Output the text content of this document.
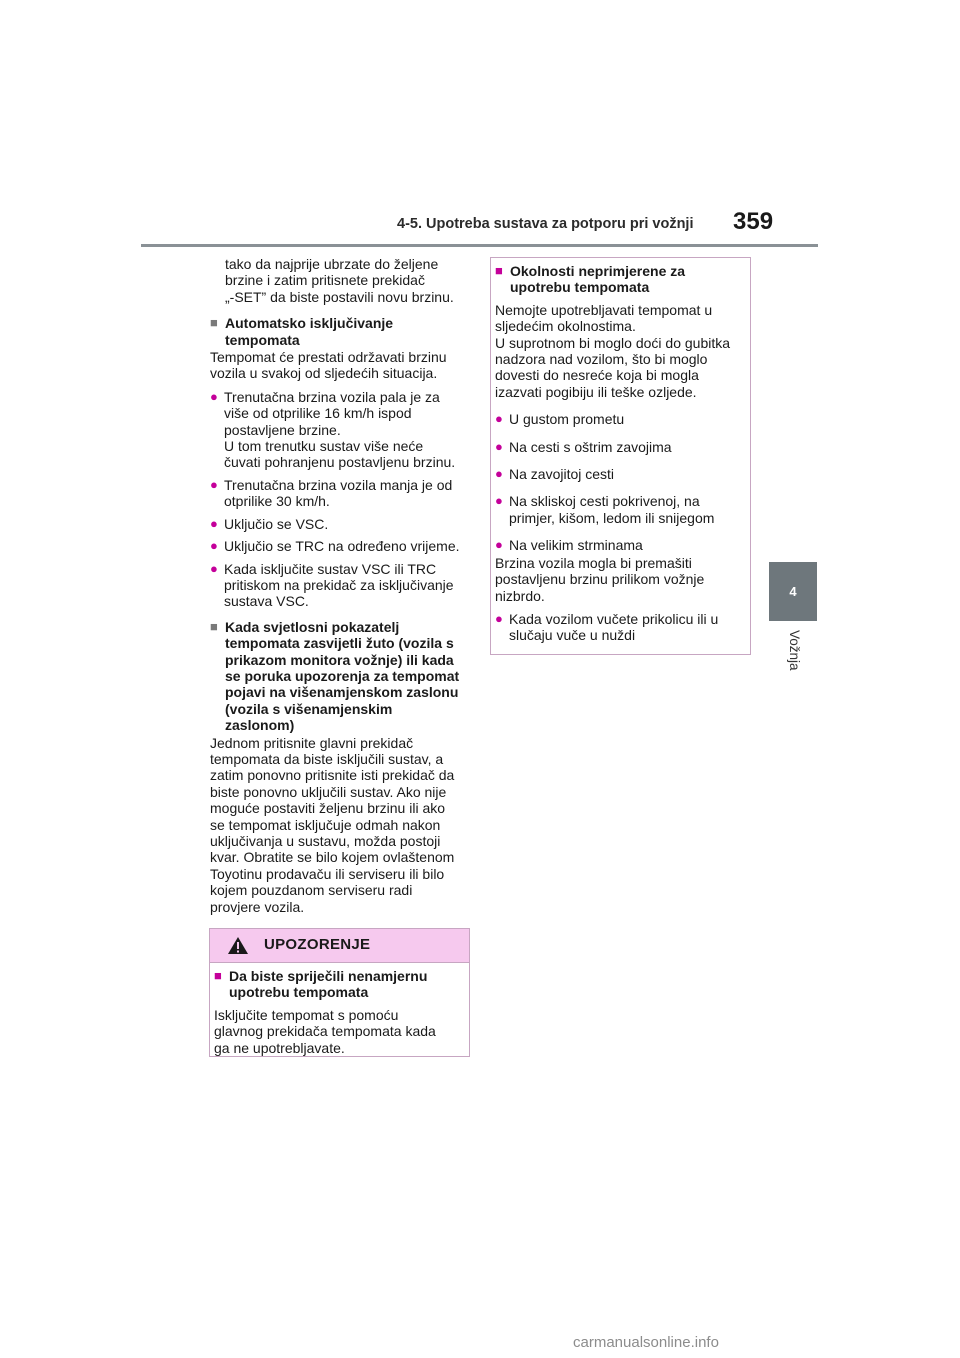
4-5. Upotreba sustava za potporu pri vožnji 359
4
Vožnja

tako da najprije ubrzate do željene

brzine i zatim pritisnete prekidač

„-SET” da biste postavili novu brzinu.

■ Automatsko isključivanje

tempomata

Tempomat će prestati održavati brzinu

vozila u svakoj od sljedećih situacija.

● Trenutačna brzina vozila pala je za

više od otprilike 16 km/h ispod

postavljene brzine.

U tom trenutku sustav više neće

čuvati pohranjenu postavljenu brzinu.

● Trenutačna brzina vozila manja je od

otprilike 30 km/h.

● Uključio se VSC.

● Uključio se TRC na određeno vrijeme.

● Kada isključite sustav VSC ili TRC

pritiskom na prekidač za isključivanje

sustava VSC.

■ Kada svjetlosni pokazatelj

tempomata zasvijetli žuto (vozila s

prikazom monitora vožnje) ili kada

se poruka upozorenja za tempomat

pojavi na višenamjenskom zaslonu

(vozila s višenamjenskim

zaslonom)

Jednom pritisnite glavni prekidač

tempomata da biste isključili sustav, a

zatim ponovno pritisnite isti prekidač da

biste ponovno uključili sustav. Ako nije

moguće postaviti željenu brzinu ili ako

se tempomat isključuje odmah nakon

uključivanja u sustavu, možda postoji

kvar. Obratite se bilo kojem ovlaštenom

Toyotinu prodavaču ili serviseru ili bilo

kojem pouzdanom serviseru radi

provjere vozila.

UPOZORENJE
■ Da biste spriječili nenamjernu

upotrebu tempomata

Isključite tempomat s pomoću

glavnog prekidača tempomata kada

ga ne upotrebljavate.

■ Okolnosti neprimjerene za

upotrebu tempomata

Nemojte upotrebljavati tempomat u

sljedećim okolnostima.

U suprotnom bi moglo doći do gubitka

nadzora nad vozilom, što bi moglo

dovesti do nesreće koja bi mogla

izazvati pogibiju ili teške ozljede.

● U gustom prometu

● Na cesti s oštrim zavojima

● Na zavojitoj cesti

● Na skliskoj cesti pokrivenoj, na

primjer, kišom, ledom ili snijegom

● Na velikim strminama

Brzina vozila mogla bi premašiti

postavljenu brzinu prilikom vožnje

nizbrdo.

● Kada vozilom vučete prikolicu ili u

slučaju vuče u nuždi

carmanualsonline.info
